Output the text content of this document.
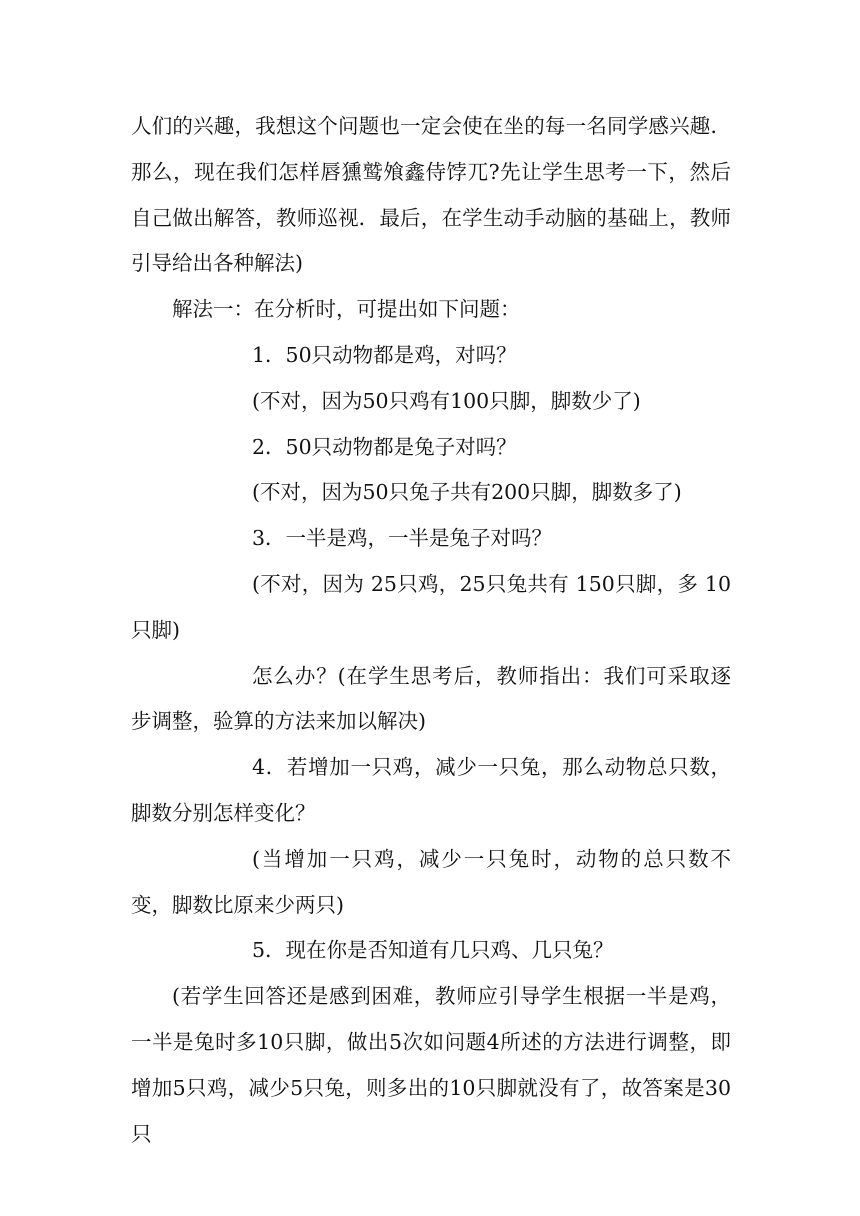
人们的兴趣，我想这个问题也一定会使在坐的每一名同学感兴趣．那么，现在我们怎样唇獯鹫飧鑫侍饽兀?先让学生思考一下，然后自己做出解答，教师巡视．最后，在学生动手动脑的基础上，教师引导给出各种解法)

解法一：在分析时，可提出如下问题：

1．50只动物都是鸡，对吗？

(不对，因为50只鸡有100只脚，脚数少了)

2．50只动物都是兔子对吗？

(不对，因为50只兔子共有200只脚，脚数多了)

3．一半是鸡，一半是兔子对吗？

(不对，因为 25只鸡，25只兔共有 150只脚，多 10只脚)

怎么办？(在学生思考后，教师指出：我们可采取逐步调整，验算的方法来加以解决)

4．若增加一只鸡，减少一只兔，那么动物总只数，脚数分别怎样变化？

(当增加一只鸡，减少一只兔时，动物的总只数不变，脚数比原来少两只)

5．现在你是否知道有几只鸡、几只兔？

(若学生回答还是感到困难，教师应引导学生根据一半是鸡，一半是兔时多10只脚，做出5次如问题4所述的方法进行调整，即增加5只鸡，减少5只兔，则多出的10只脚就没有了，故答案是30只
